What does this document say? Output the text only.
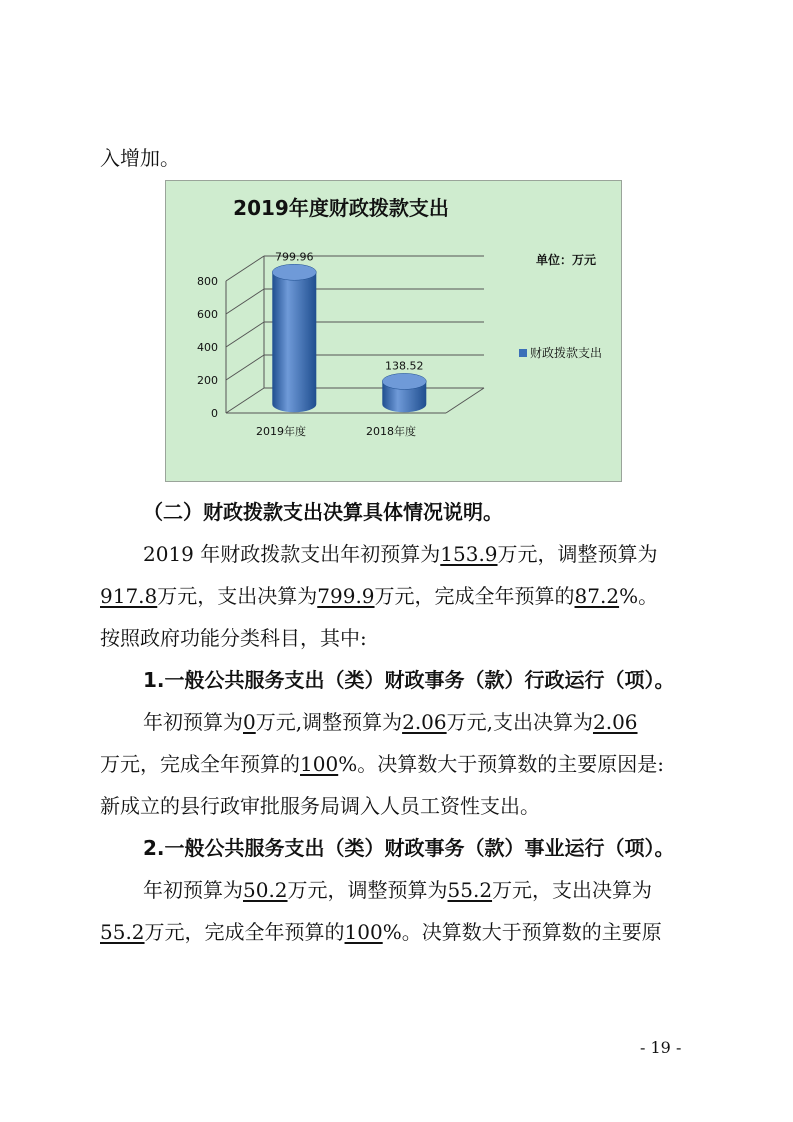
入增加。
2019年度财政拨款支出
单位：万元
0
200
400
600
800
799.96
2019年度
138.52
2018年度
财政拨款支出
（二）财政拨款支出决算具体情况说明。
2019 年财政拨款支出年初预算为153.9万元，调整预算为
917.8万元，支出决算为799.9万元，完成全年预算的87.2%。
按照政府功能分类科目，其中:
1.一般公共服务支出（类）财政事务（款）行政运行（项）。
年初预算为0万元,调整预算为2.06万元,支出决算为2.06
万元，完成全年预算的100%。决算数大于预算数的主要原因是:
新成立的县行政审批服务局调入人员工资性支出。
2.一般公共服务支出（类）财政事务（款）事业运行（项）。
年初预算为50.2万元，调整预算为55.2万元，支出决算为
55.2万元，完成全年预算的100%。决算数大于预算数的主要原
- 19 -
